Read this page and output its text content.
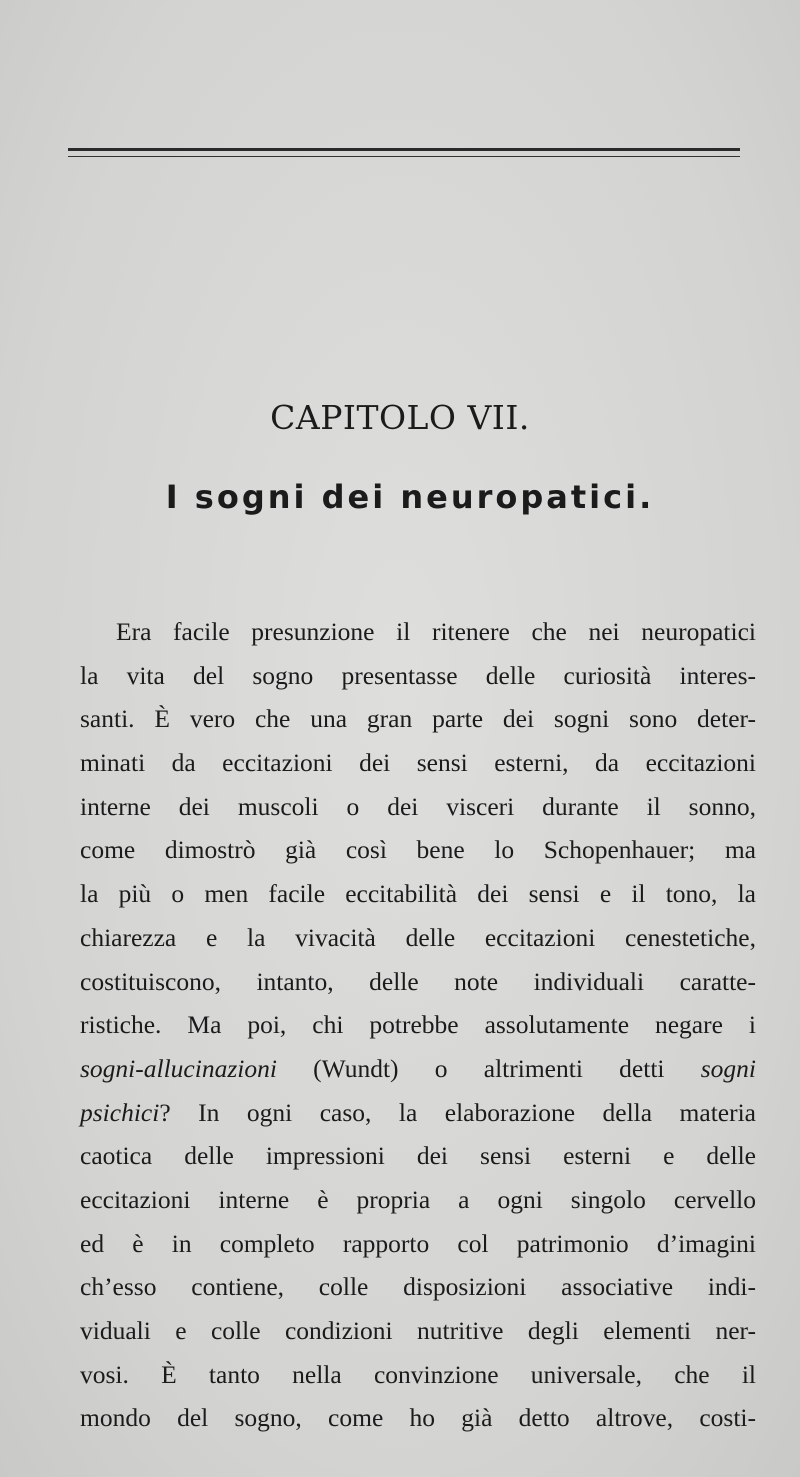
CAPITOLO VII.
I sogni dei neuropatici.
Era facile presunzione il ritenere che nei neuropatici
la vita del sogno presentasse delle curiosità interes-
santi. È vero che una gran parte dei sogni sono deter-
minati da eccitazioni dei sensi esterni, da eccitazioni
interne dei muscoli o dei visceri durante il sonno,
come dimostrò già così bene lo Schopenhauer; ma
la più o men facile eccitabilità dei sensi e il tono, la
chiarezza e la vivacità delle eccitazioni cenestetiche,
costituiscono, intanto, delle note individuali caratte-
ristiche. Ma poi, chi potrebbe assolutamente negare i
sogni-allucinazioni (Wundt) o altrimenti detti sogni
psichici? In ogni caso, la elaborazione della materia
caotica delle impressioni dei sensi esterni e delle
eccitazioni interne è propria a ogni singolo cervello
ed è in completo rapporto col patrimonio d’imagini
ch’esso contiene, colle disposizioni associative indi-
viduali e colle condizioni nutritive degli elementi ner-
vosi. È tanto nella convinzione universale, che il
mondo del sogno, come ho già detto altrove, costi-
